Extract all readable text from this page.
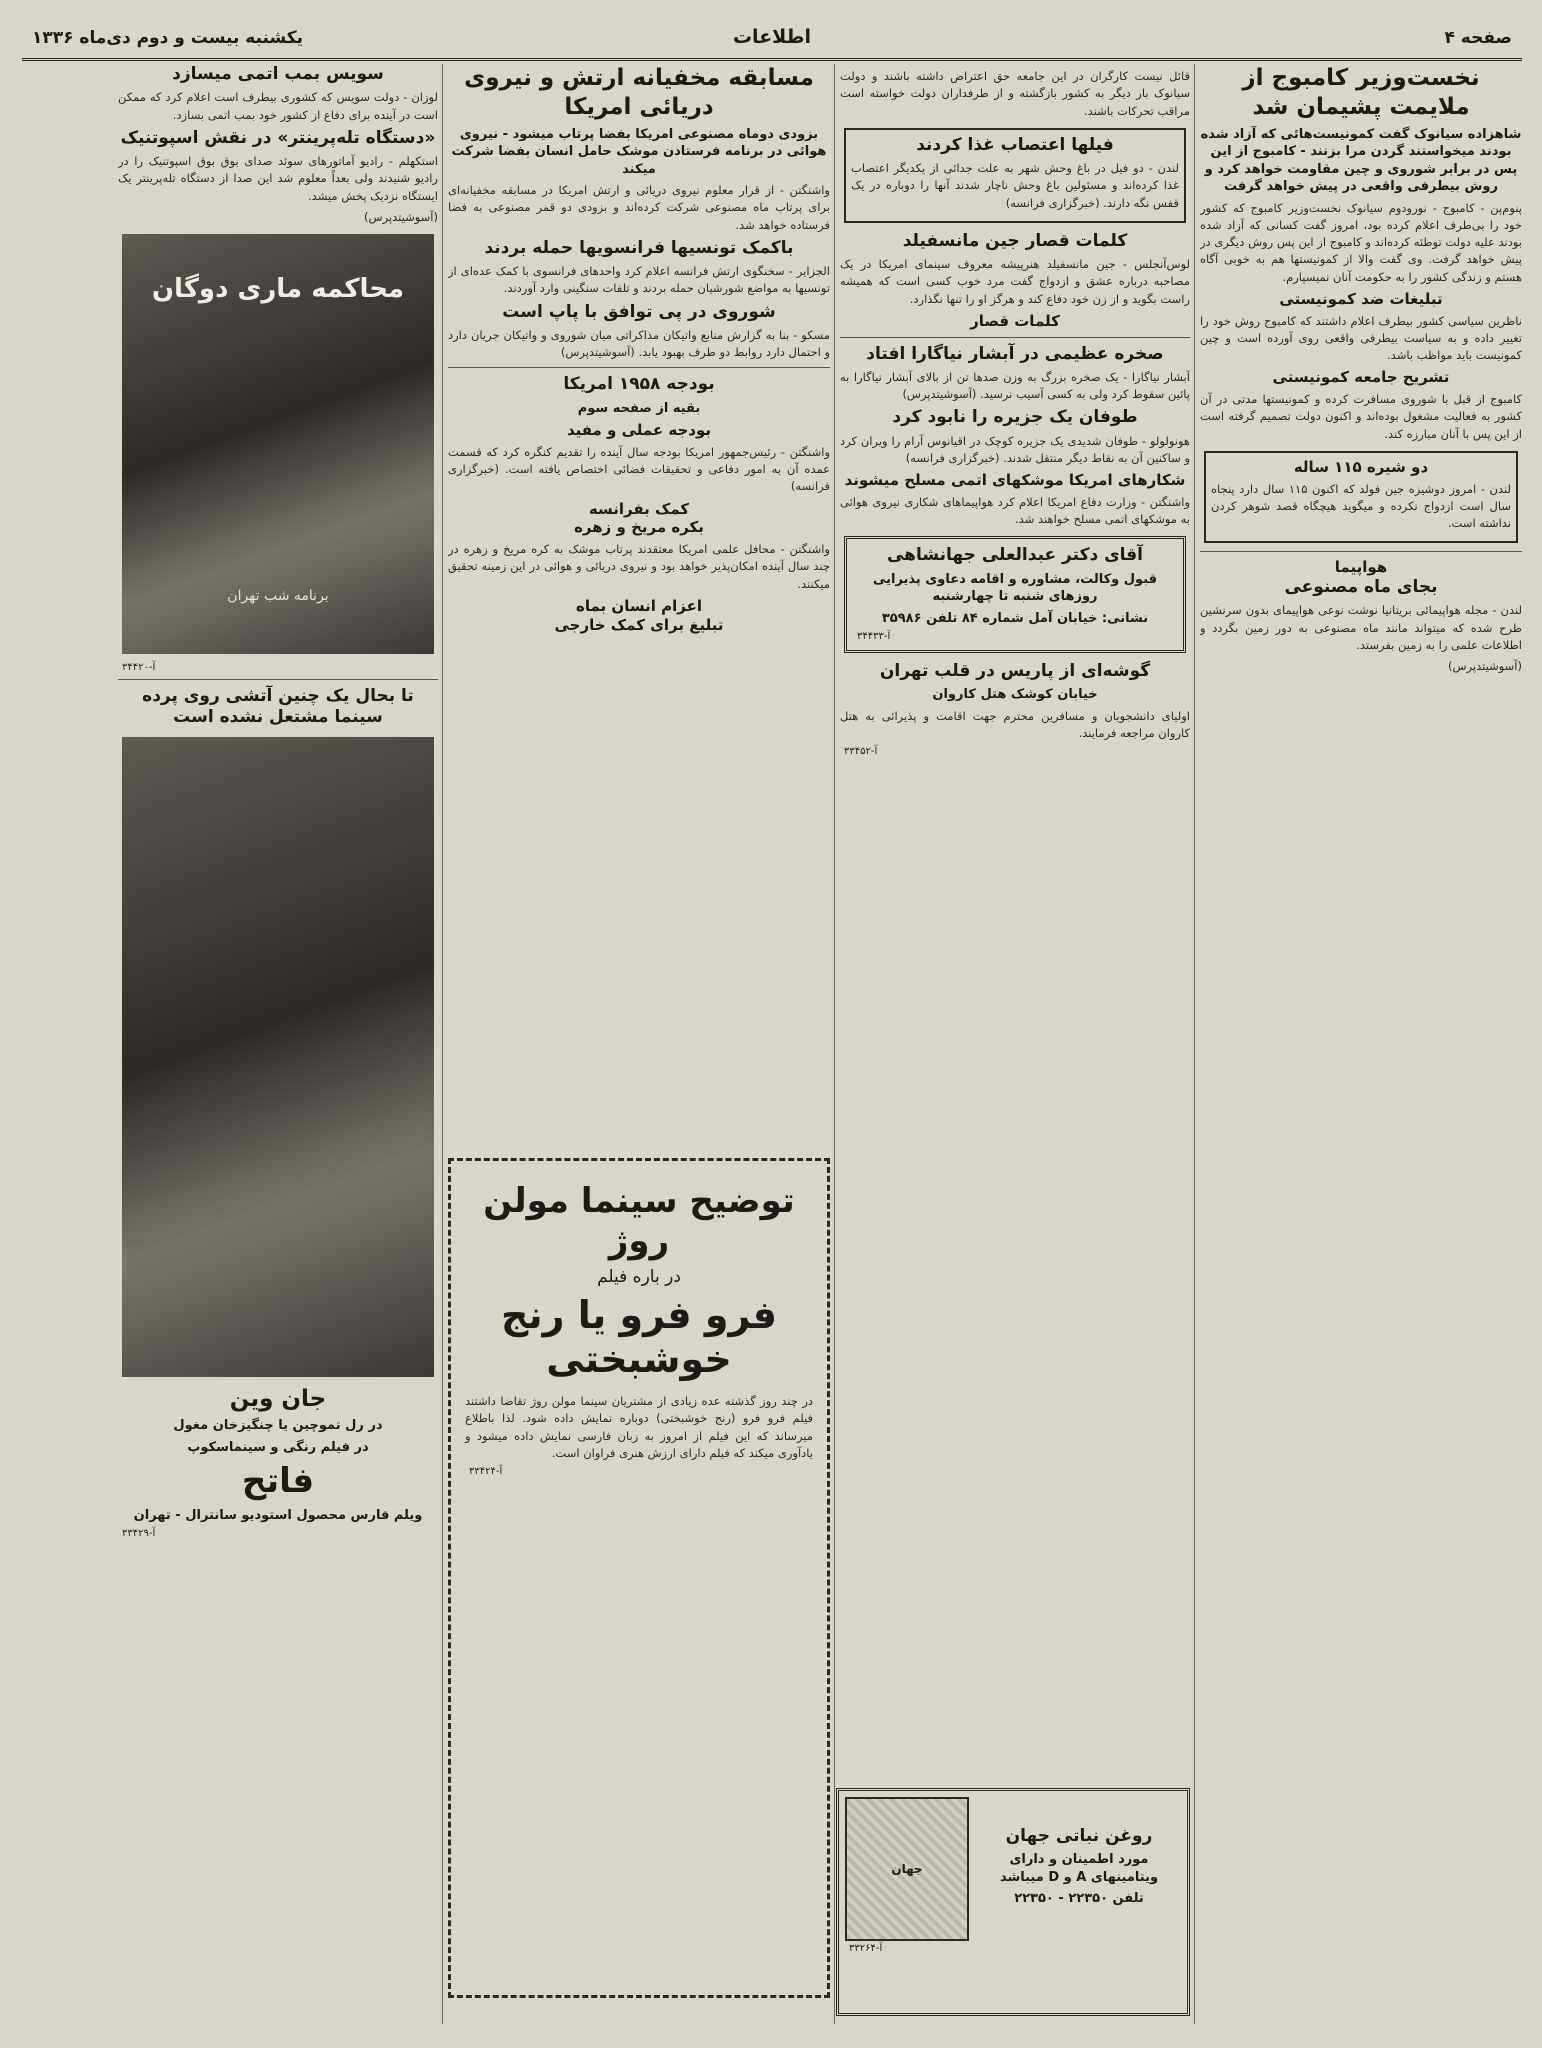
صفحه ۴
اطلاعات
یکشنبه بیست و دوم دی‌ماه ۱۳۳۶
نخست‌وزیر کامبوج از ملایمت پشیمان شد
شاهزاده سیانوک گفت کمونیست‌هائی که آزاد شده بودند میخواستند گردن مرا بزنند - کامبوج از این پس در برابر شوروی و چین مقاومت خواهد کرد و روش بیطرفی واقعی در پیش خواهد گرفت

پنوم‌پن - کامبوج - نورودوم سیانوک نخست‌وزیر کامبوج که کشور خود را بی‌طرف اعلام کرده بود، امروز گفت کسانی که آزاد شده بودند علیه دولت توطئه کرده‌اند و کامبوج از این پس روش دیگری در پیش خواهد گرفت. وی گفت والا از کمونیستها هم به خوبی آگاه هستم و زندگی کشور را به حکومت آنان نمیسپارم.

تبلیغات ضد کمونیستی

ناظرین سیاسی کشور بیطرف اعلام داشتند که کامبوج روش خود را تغییر داده و به سیاست بیطرفی واقعی روی آورده است و چین کمونیست باید مواظب باشد.

تشریح جامعه کمونیستی

کامبوج از قبل با شوروی مسافرت کرده و کمونیستها مدتی در آن کشور به فعالیت مشغول بوده‌اند و اکنون دولت تصمیم گرفته است از این پس با آنان مبارزه کند.

دو شیره ۱۱۵ ساله

لندن - امروز دوشیزه جین فولد که اکنون ۱۱۵ سال دارد پنجاه سال است ازدواج نکرده و میگوید هیچگاه قصد شوهر کردن نداشته است.

هواپیما
بجای ماه مصنوعی

لندن - مجله هواپیمائی بریتانیا نوشت نوعی هواپیمای بدون سرنشین طرح شده که میتواند مانند ماه مصنوعی به دور زمین بگردد و اطلاعات علمی را به زمین بفرستد.

(آسوشیتدپرس)

قائل نیست کارگران در این جامعه حق اعتراض داشته باشند و دولت سیانوک بار دیگر به کشور بازگشته و از طرفداران دولت خواسته است مراقب تحرکات باشند.

فیلها اعتصاب غذا کردند

لندن - دو فیل در باغ وحش شهر به علت جدائی از یکدیگر اعتصاب غذا کرده‌اند و مسئولین باغ وحش ناچار شدند آنها را دوباره در یک قفس نگه دارند. (خبرگزاری فرانسه)

کلمات قصار جین مانسفیلد

لوس‌آنجلس - جین مانسفیلد هنرپیشه معروف سینمای امریکا در یک مصاحبه درباره عشق و ازدواج گفت مرد خوب کسی است که همیشه راست بگوید و از زن خود دفاع کند و هرگز او را تنها نگذارد.

کلمات قصار
صخره عظیمی در آبشار نیاگارا افتاد

آبشار نیاگارا - یک صخره بزرگ به وزن صدها تن از بالای آبشار نیاگارا به پائین سقوط کرد ولی به کسی آسیب نرسید. (آسوشیتدپرس)

طوفان یک جزیره را نابود کرد

هونولولو - طوفان شدیدی یک جزیره کوچک در اقیانوس آرام را ویران کرد و ساکنین آن به نقاط دیگر منتقل شدند. (خبرگزاری فرانسه)

شکارهای امریکا موشکهای اتمی مسلح میشوند

واشنگتن - وزارت دفاع امریکا اعلام کرد هواپیماهای شکاری نیروی هوائی به موشکهای اتمی مسلح خواهند شد.

آقای دکتر عبدالعلی جهانشاهی
قبول وکالت، مشاوره و اقامه دعاوی پذیرایی روزهای شنبه تا چهارشنبه
نشانی: خیابان آمل شماره ۸۴ تلفن ۳۵۹۸۶
آ-۳۴۴۳۳
گوشه‌ای از پاریس در قلب تهران
خیابان کوشک هتل کاروان

اولیای دانشجویان و مسافرین محترم جهت اقامت و پذیرائی به هتل کاروان مراجعه فرمایند.

آ-۳۳۴۵۲
مسابقه مخفیانه ارتش و نیروی دریائی امریکا
بزودی دوماه مصنوعی امریکا بفضا پرتاب میشود - نیروی هوائی در برنامه فرستادن موشک حامل انسان بفضا شرکت میکند

واشنگتن - از قرار معلوم نیروی دریائی و ارتش امریکا در مسابقه مخفیانه‌ای برای پرتاب ماه مصنوعی شرکت کرده‌اند و بزودی دو قمر مصنوعی به فضا فرستاده خواهد شد.

باکمک تونسیها فرانسویها حمله بردند

الجزایر - سخنگوی ارتش فرانسه اعلام کرد واحدهای فرانسوی با کمک عده‌ای از تونسیها به مواضع شورشیان حمله بردند و تلفات سنگینی وارد آوردند.

شوروی در پی توافق با پاپ است

مسکو - بنا به گزارش منابع واتیکان مذاکراتی میان شوروی و واتیکان جریان دارد و احتمال دارد روابط دو طرف بهبود یابد. (آسوشیتدپرس)

بودجه ۱۹۵۸ امریکا
بقیه از صفحه سوم
بودجه عملی و مفید

واشنگتن - رئیس‌جمهور امریکا بودجه سال آینده را تقدیم کنگره کرد که قسمت عمده آن به امور دفاعی و تحقیقات فضائی اختصاص یافته است. (خبرگزاری فرانسه)

کمک بفرانسه
بکره مریخ و زهره

واشنگتن - محافل علمی امریکا معتقدند پرتاب موشک به کره مریخ و زهره در چند سال آینده امکان‌پذیر خواهد بود و نیروی دریائی و هوائی در این زمینه تحقیق میکنند.

اعزام انسان بماه
تبلیغ برای کمک خارجی
توضیح سینما مولن روژ
در باره فیلم
فرو فرو یا رنج خوشبختی

در چند روز گذشته عده زیادی از مشتریان سینما مولن روژ تقاضا داشتند فیلم فرو فرو (رنج خوشبختی) دوباره نمایش داده شود. لذا باطلاع میرساند که این فیلم از امروز به زبان فارسی نمایش داده میشود و یادآوری میکند که فیلم دارای ارزش هنری فراوان است.

آ-۳۳۴۲۴
روغن نباتی جهان
مورد اطمینان و دارای ویتامینهای A و D میباشد
تلفن ۲۲۳۵۰ - ۲۲۳۵۰
جهان
آ-۳۳۲۶۴
سویس بمب اتمی میسازد

لوزان - دولت سویس که کشوری بیطرف است اعلام کرد که ممکن است در آینده برای دفاع از کشور خود بمب اتمی بسازد.

«دستگاه تله‌پرینتر» در نقش اسپوتنیک

استکهلم - رادیو آماتورهای سوئد صدای بوق بوق اسپوتنیک را در رادیو شنیدند ولی بعداً معلوم شد این صدا از دستگاه تله‌پرینتر یک ایستگاه نزدیک پخش میشد.

(آسوشیتدپرس)

محاکمه ماری دوگان
برنامه شب تهران
آ-۳۴۴۲۰
تا بحال یک چنین آتشی روی پرده سینما مشتعل نشده است
جان وین
در رل تموچین یا چنگیزخان مغول
در فیلم رنگی و سینماسکوپ
فاتح
ویلم فارس محصول استودیو سانترال - تهران
آ-۳۳۴۲۹
